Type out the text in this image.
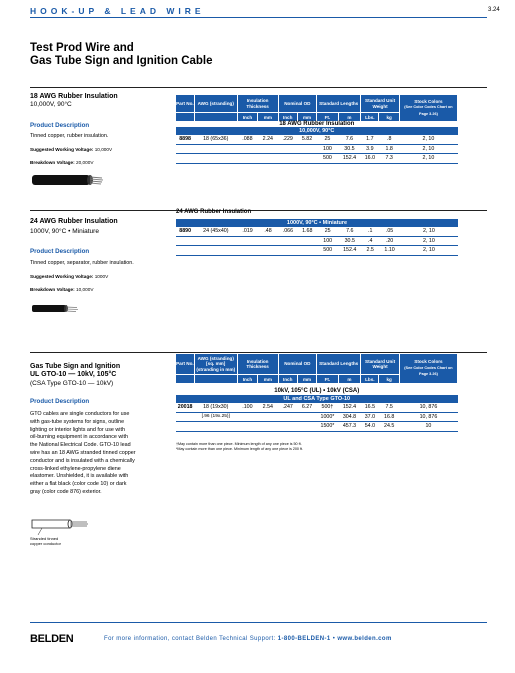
HOOK-UP & LEAD WIRE	3.24
Test Prod Wire and
Gas Tube Sign and Ignition Cable
18 AWG Rubber Insulation
10,000V, 90°C
Product Description
Tinned copper, rubber insulation.
Suggested Working Voltage: 10,000V
Breakdown Voltage: 20,000V
Part No.	AWG (stranding)	Insulation Thickness		Nominal OD		Standard Lengths		Standard Unit Weight		Stock Colors
(See Color Codes Chart on Page 3.26)
		Inch	mm	Inch	mm	Ft.	m	Lbs.	kg	
18 AWG Rubber Insulation										
10,000V, 90°C										
8898	18 (65x36)	.088	2.24	.229	5.82	25	7.6	1.7	.8	2, 10
						100	30.5	3.9	1.8	2, 10
						500	152.4	16.0	7.3	2, 10
24 AWG Rubber Insulation
1000V, 90°C • Miniature
Product Description
Tinned copper, separator, rubber insulation.
Suggested Working Voltage: 1000V
Breakdown Voltage: 10,000V
24 AWG Rubber Insulation
1000V, 90°C • Miniature										
8890	24 (45x40)	.019	.48	.066	1.68	25	7.6	.1	.05	2, 10
						100	30.5	.4	.20	2, 10
						500	152.4	2.5	1.10	2, 10
Gas Tube Sign and Ignition
UL GTO-10 — 10kV, 105°C
(CSA Type GTO-10 — 10kV)
Product Description
GTO cables are single conductors for use
with gas-tube systems for signs, outline
lighting or interior lights and for use with
oil-burning equipment in accordance with
the National Electrical Code. GTO-10 lead
wire has an 18 AWG stranded tinned copper
conductor and is insulated with a chemically
cross-linked ethylene-propylene diene
elastomer. Unshielded, it is available with
either a flat black (color code 10) or dark
gray (color code 876) exterior.
Stranded tinned
copper conductor
Part No.	AWG (stranding) [sq. mm] (stranding in mm)	Insulation Thickness		Nominal OD		Standard Lengths		Standard Unit Weight		Stock Colors
(See Color Codes Chart on Page 3.26)
		Inch	mm	Inch	mm	Ft.	m	Lbs.	kg	
10kV, 105°C (UL) • 10kV (CSA)										
UL and CSA Type GTO-10										
20018	18 (19x30)	.100	2.54	.247	6.27	500†	152.4	16.5	7.5	10, 876
	[.96 (19x.25)]					1000*	304.8	37.0	16.8	10, 876
						1500*	457.3	54.0	24.5	10
†May contain more than one piece. Minimum length of any one piece is 50 ft.
*May contain more than one piece. Minimum length of any one piece is 200 ft.
BELDEN	For more information, contact Belden Technical Support: 1-800-BELDEN-1 • www.belden.com
